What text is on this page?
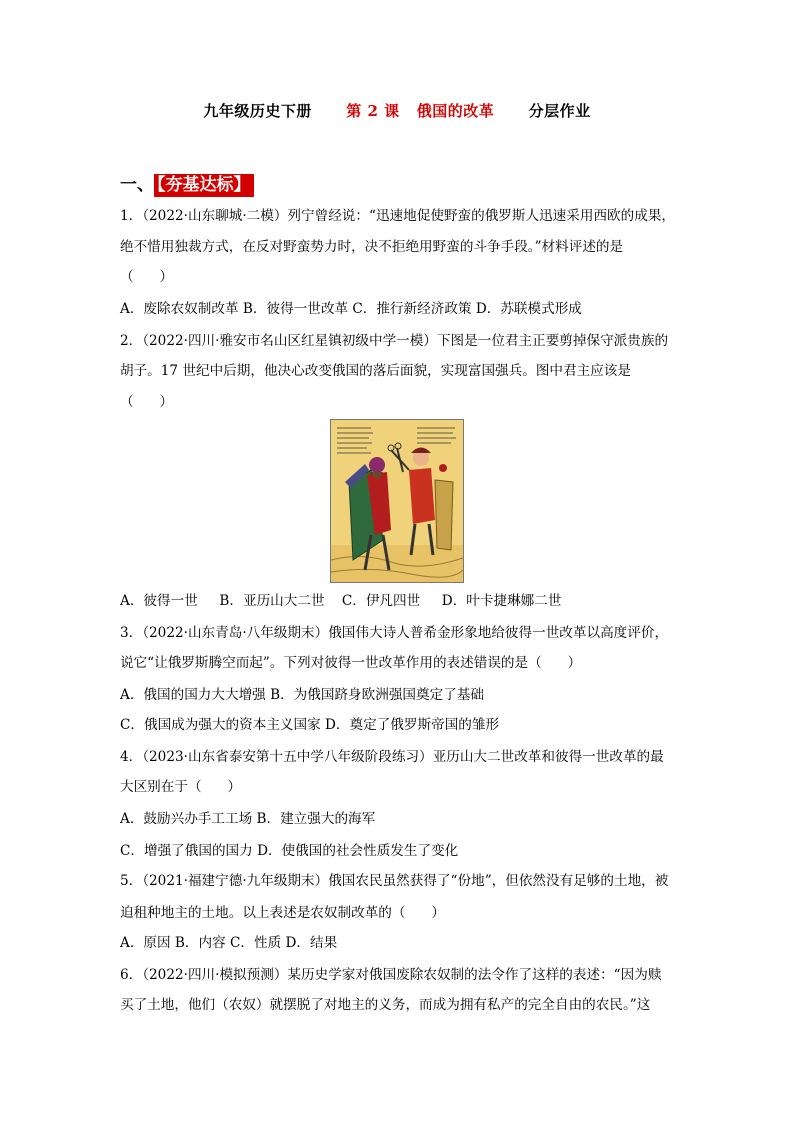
九年级历史下册 第 2 课   俄国的改革 分层作业
一、 【夯基达标】
1．（2022·山东聊城·二模）列宁曾经说：“迅速地促使野蛮的俄罗斯人迅速采用西欧的成果，
绝不惜用独裁方式，在反对野蛮势力时，决不拒绝用野蛮的斗争手段。”材料评述的是
（      ）
A．废除农奴制改革 B．彼得一世改革 C．推行新经济政策 D．苏联模式形成
2．（2022·四川·雅安市名山区红星镇初级中学一模）下图是一位君主正要剪掉保守派贵族的
胡子。17 世纪中后期，他决心改变俄国的落后面貌，实现富国强兵。图中君主应该是
（      ）
A．彼得一世     B．亚历山大二世    C．伊凡四世     D．叶卡捷琳娜二世
3．（2022·山东青岛·八年级期末）俄国伟大诗人普希金形象地给彼得一世改革以高度评价，
说它“让俄罗斯腾空而起”。下列对彼得一世改革作用的表述错误的是（      ）
A．俄国的国力大大增强 B．为俄国跻身欧洲强国奠定了基础
C．俄国成为强大的资本主义国家 D．奠定了俄罗斯帝国的雏形
4．（2023·山东省泰安第十五中学八年级阶段练习）亚历山大二世改革和彼得一世改革的最
大区别在于（      ）
A．鼓励兴办手工工场 B．建立强大的海军
C．增强了俄国的国力 D．使俄国的社会性质发生了变化
5．（2021·福建宁德·九年级期末）俄国农民虽然获得了“份地”，但依然没有足够的土地，被
迫租种地主的土地。以上表述是农奴制改革的（      ）
A．原因 B．内容 C．性质 D．结果
6．（2022·四川·模拟预测）某历史学家对俄国废除农奴制的法令作了这样的表述：“因为赎
买了土地，他们（农奴）就摆脱了对地主的义务，而成为拥有私产的完全自由的农民。”这
